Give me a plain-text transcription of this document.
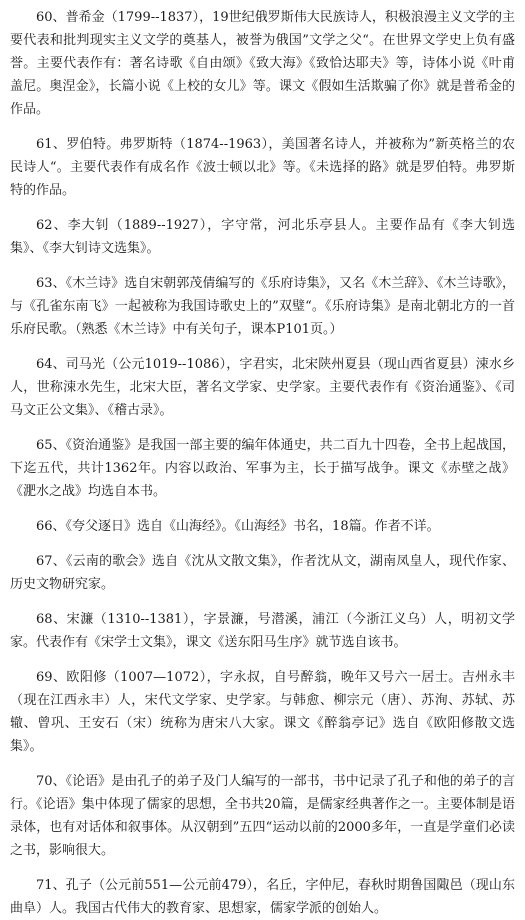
60、普希金（1799--1837），19世纪俄罗斯伟大民族诗人，积极浪漫主义文学的主要代表和批判现实主义文学的奠基人，被誉为俄国”文学之父“。在世界文学史上负有盛誉。主要代表作有：著名诗歌《自由颂》《致大海》《致恰达耶夫》等，诗体小说《叶甫盖尼。奥涅金》，长篇小说《上校的女儿》等。课文《假如生活欺骗了你》就是普希金的作品。

61、罗伯特。弗罗斯特（1874--1963），美国著名诗人，并被称为”新英格兰的农民诗人“。主要代表作有成名作《波士顿以北》等。《未选择的路》就是罗伯特。弗罗斯特的作品。

62、李大钊（1889--1927），字守常，河北乐亭县人。主要作品有《李大钊选集》、《李大钊诗文选集》。

63、《木兰诗》选自宋朝郭茂倩编写的《乐府诗集》，又名《木兰辞》、《木兰诗歌》，与《孔雀东南飞》一起被称为我国诗歌史上的”双璧“。《乐府诗集》是南北朝北方的一首乐府民歌。（熟悉《木兰诗》中有关句子，课本P101页。）

64、司马光（公元1019--1086），字君实，北宋陕州夏县（现山西省夏县）涑水乡人，世称涑水先生，北宋大臣，著名文学家、史学家。主要代表作有《资治通鉴》、《司马文正公文集》、《稽古录》。

65、《资治通鉴》是我国一部主要的编年体通史，共二百九十四卷，全书上起战国，下迄五代，共计1362年。内容以政治、军事为主，长于描写战争。课文《赤壁之战》《淝水之战》均选自本书。

66、《夸父逐日》选自《山海经》。《山海经》书名，18篇。作者不详。

67、《云南的歌会》选自《沈从文散文集》，作者沈从文，湖南凤皇人，现代作家、历史文物研究家。

68、宋濂（1310--1381），字景濂，号潜溪，浦江（今浙江义乌）人，明初文学家。代表作有《宋学士文集》，课文《送东阳马生序》就节选自该书。

69、欧阳修（1007—1072），字永叔，自号醉翁，晚年又号六一居士。吉州永丰（现在江西永丰）人，宋代文学家、史学家。与韩愈、柳宗元（唐）、苏洵、苏轼、苏辙、曾巩、王安石（宋）统称为唐宋八大家。课文《醉翁亭记》选自《欧阳修散文选集》。

70、《论语》是由孔子的弟子及门人编写的一部书，书中记录了孔子和他的弟子的言行。《论语》集中体现了儒家的思想，全书共20篇，是儒家经典著作之一。主要体制是语录体，也有对话体和叙事体。从汉朝到”五四“运动以前的2000多年，一直是学童们必读之书，影响很大。

71、孔子（公元前551—公元前479），名丘，字仲尼，春秋时期鲁国陬邑（现山东曲阜）人。我国古代伟大的教育家、思想家，儒家学派的创始人。
